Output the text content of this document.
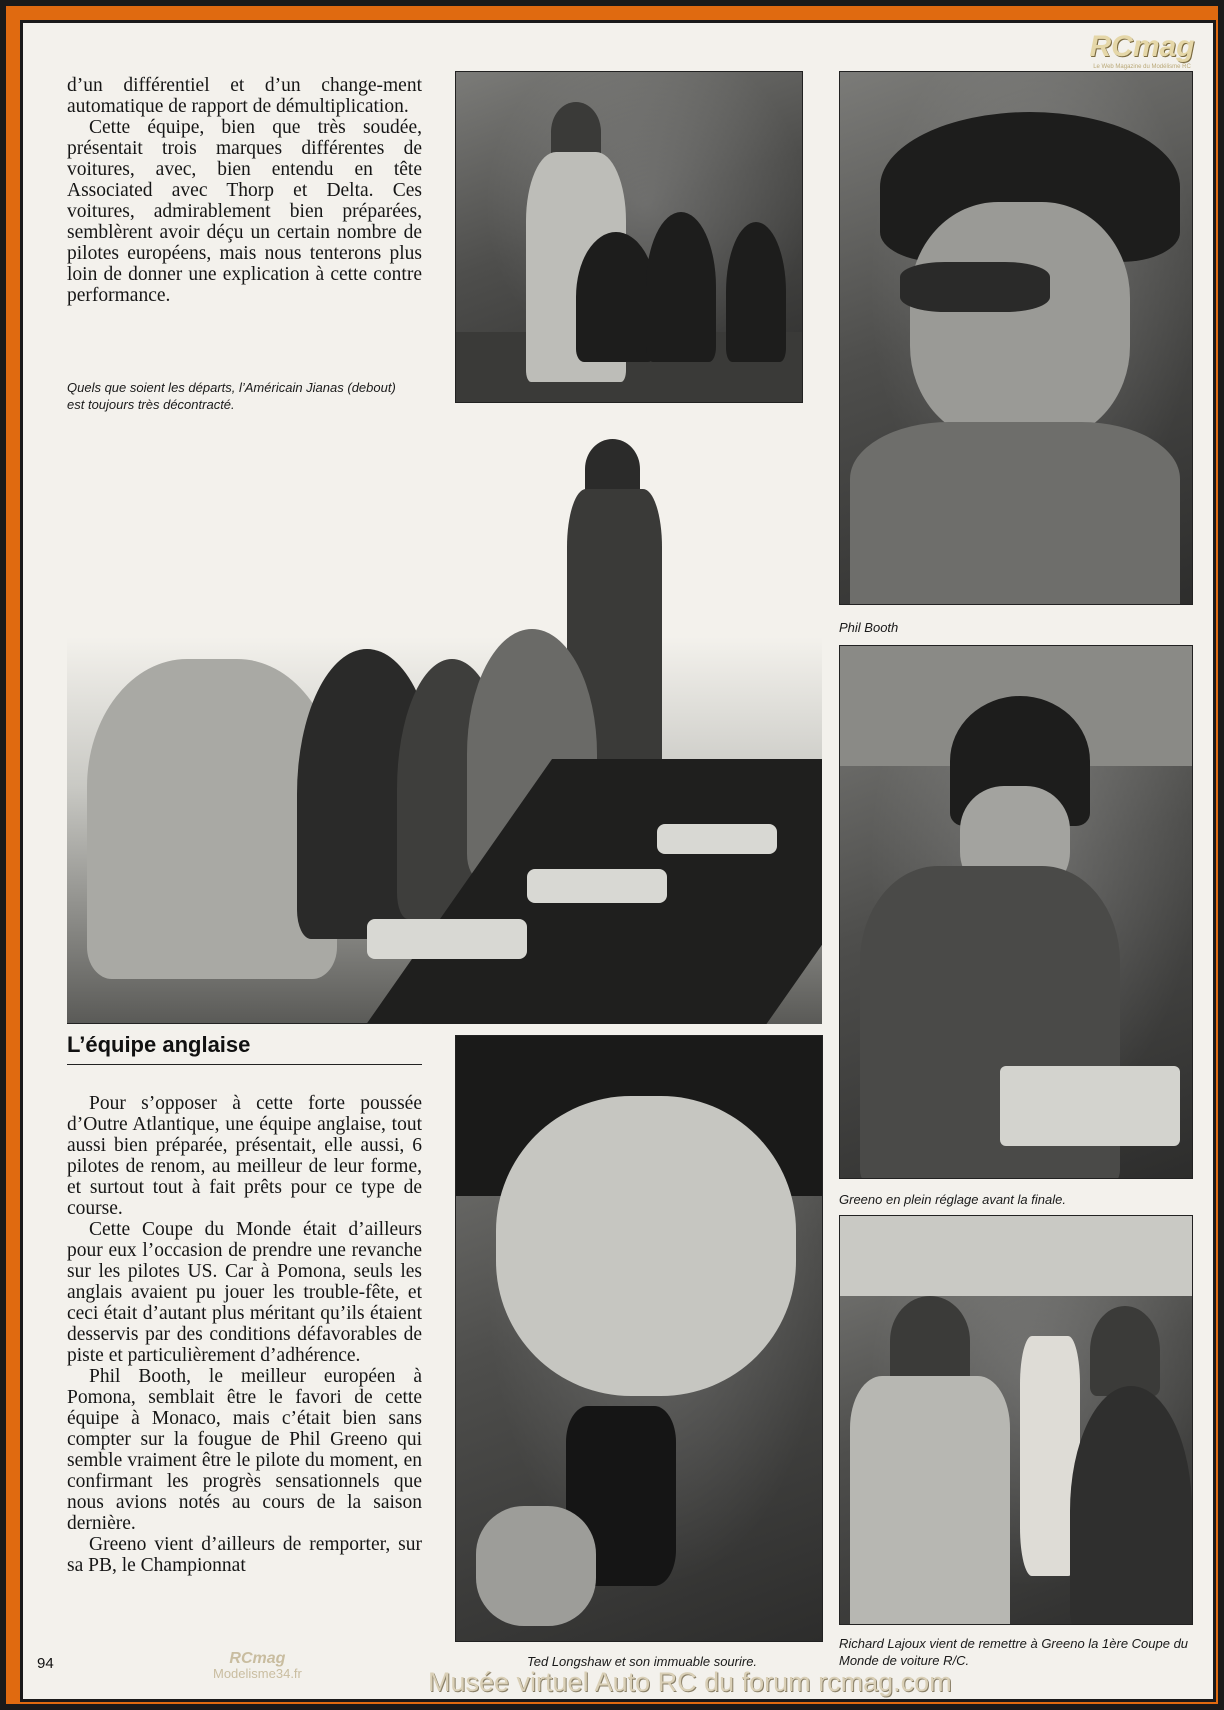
RCmag
Le Web Magazine du Modélisme RC

d’un différentiel et d’un change-ment automatique de rapport de démultiplication.

Cette équipe, bien que très soudée, présentait trois marques différentes de voitures, avec, bien entendu en tête Associated avec Thorp et Delta. Ces voitures, admirablement bien préparées, semblèrent avoir déçu un certain nombre de pilotes européens, mais nous tenterons plus loin de donner une explication à cette contre performance.

Quels que soient les départs, l’Américain Jianas (debout) est toujours très décontracté.
Phil Booth
Greeno en plein réglage avant la finale.
L’équipe anglaise

Pour s’opposer à cette forte poussée d’Outre Atlantique, une équipe anglaise, tout aussi bien préparée, présentait, elle aussi, 6 pilotes de renom, au meilleur de leur forme, et surtout tout à fait prêts pour ce type de course.

Cette Coupe du Monde était d’ailleurs pour eux l’occasion de prendre une revanche sur les pilotes US. Car à Pomona, seuls les anglais avaient pu jouer les trouble-fête, et ceci était d’autant plus méritant qu’ils étaient desservis par des conditions défavorables de piste et particulièrement d’adhérence.

Phil Booth, le meilleur européen à Pomona, semblait être le favori de cette équipe à Monaco, mais c’était bien sans compter sur la fougue de Phil Greeno qui semble vraiment être le pilote du moment, en confirmant les progrès sensationnels que nous avions notés au cours de la saison dernière.

Greeno vient d’ailleurs de remporter, sur sa PB, le Championnat

Ted Longshaw et son immuable sourire.
Richard Lajoux vient de remettre à Greeno la 1ère Coupe du Monde de voiture R/C.
94	RCmag
Modelisme34.fr	Musée virtuel Auto RC du forum rcmag.com
